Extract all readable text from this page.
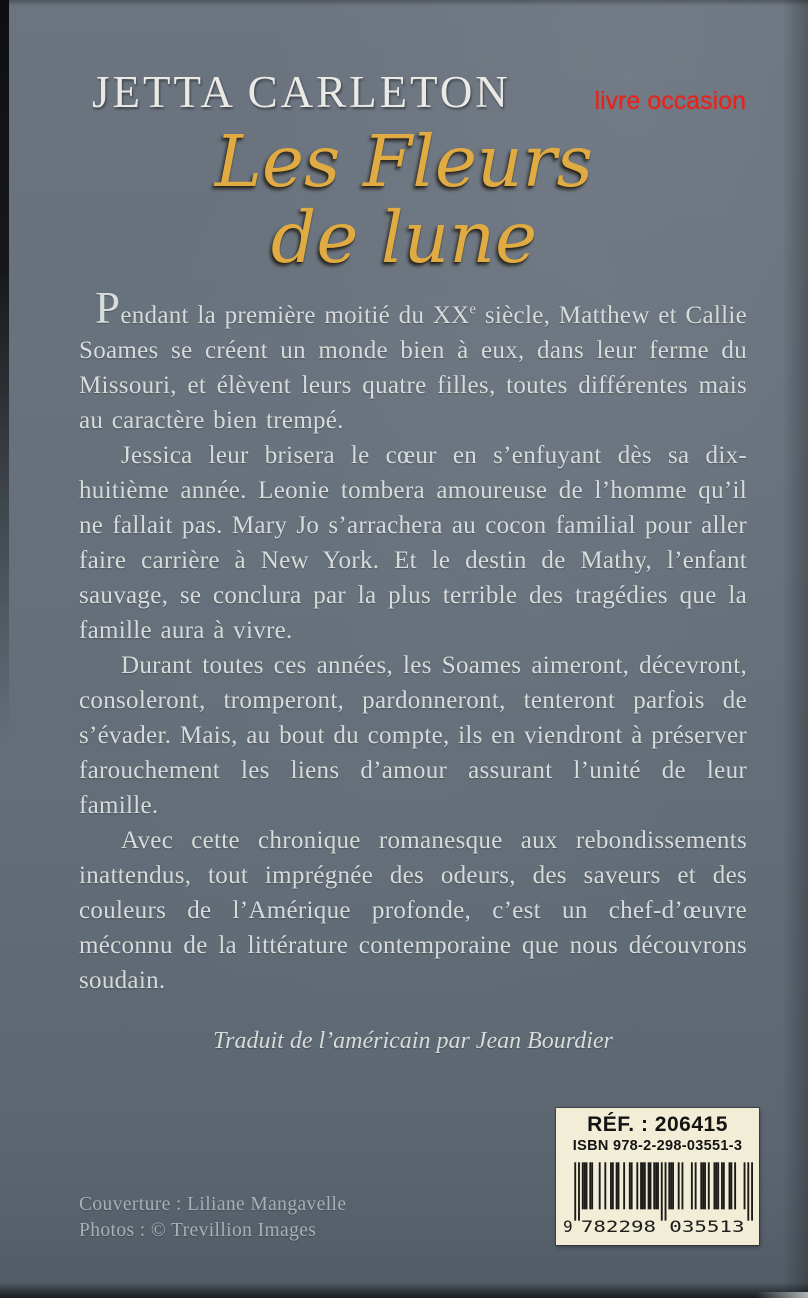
JETTA CARLETON	livre occasion
Les Fleurs
de lune

Pendant la première moitié du XXe siècle, Matthew et Callie Soames se créent un monde bien à eux, dans leur ferme du Missouri, et élèvent leurs quatre filles, toutes différentes mais au caractère bien trempé.

Jessica leur brisera le cœur en s’enfuyant dès sa dix-huitième année. Leonie tombera amoureuse de l’homme qu’il ne fallait pas. Mary Jo s’arrachera au cocon familial pour aller faire carrière à New York. Et le destin de Mathy, l’enfant sauvage, se conclura par la plus terrible des tragédies que la famille aura à vivre.

Durant toutes ces années, les Soames aimeront, décevront, consoleront, tromperont, pardonneront, tenteront parfois de s’évader. Mais, au bout du compte, ils en viendront à préserver farouchement les liens d’amour assurant l’unité de leur famille.

Avec cette chronique romanesque aux rebondissements inattendus, tout imprégnée des odeurs, des saveurs et des couleurs de l’Amérique profonde, c’est un chef-d’œuvre méconnu de la littérature contemporaine que nous découvrons soudain.

Traduit de l’américain par Jean Bourdier
RÉF. : 206415
ISBN 978-2-298-03551-3
9 782298 035513
Couverture : Liliane Mangavelle
Photos : © Trevillion Images
